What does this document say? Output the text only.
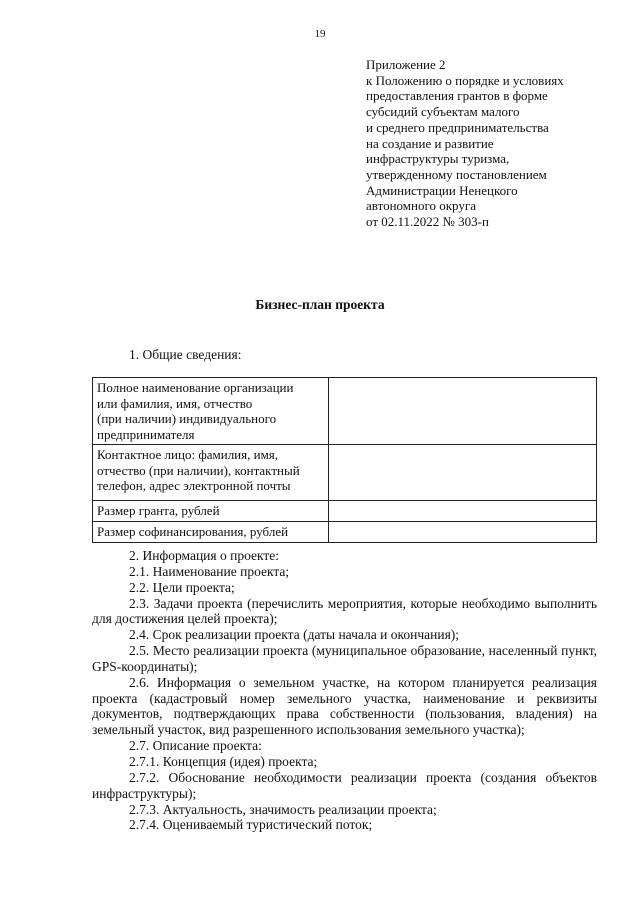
19
Приложение 2
к Положению о порядке и условиях
предоставления грантов в форме
субсидий субъектам малого
и среднего предпринимательства
на создание и развитие
инфраструктуры туризма,
утвержденному постановлением
Администрации Ненецкого
автономного округа
от 02.11.2022 № 303-п
Бизнес-план проекта
1. Общие сведения:
Полное наименование организации
или фамилия, имя, отчество
(при наличии) индивидуального
предпринимателя	

Контактное лицо: фамилия, имя,
отчество (при наличии), контактный
телефон, адрес электронной почты	

Размер гранта, рублей	

Размер софинансирования, рублей	

2. Информация о проекте:

2.1. Наименование проекта;

2.2. Цели проекта;

2.3. Задачи проекта (перечислить мероприятия, которые необходимо выполнить для достижения целей проекта);

2.4. Срок реализации проекта (даты начала и окончания);

2.5. Место реализации проекта (муниципальное образование, населенный пункт, GPS-координаты);

2.6. Информация о земельном участке, на котором планируется реализация проекта (кадастровый номер земельного участка, наименование и реквизиты документов, подтверждающих права собственности (пользования, владения) на земельный участок, вид разрешенного использования земельного участка);

2.7. Описание проекта:

2.7.1. Концепция (идея) проекта;

2.7.2. Обоснование необходимости реализации проекта (создания объектов инфраструктуры);

2.7.3. Актуальность, значимость реализации проекта;

2.7.4. Оцениваемый туристический поток;
